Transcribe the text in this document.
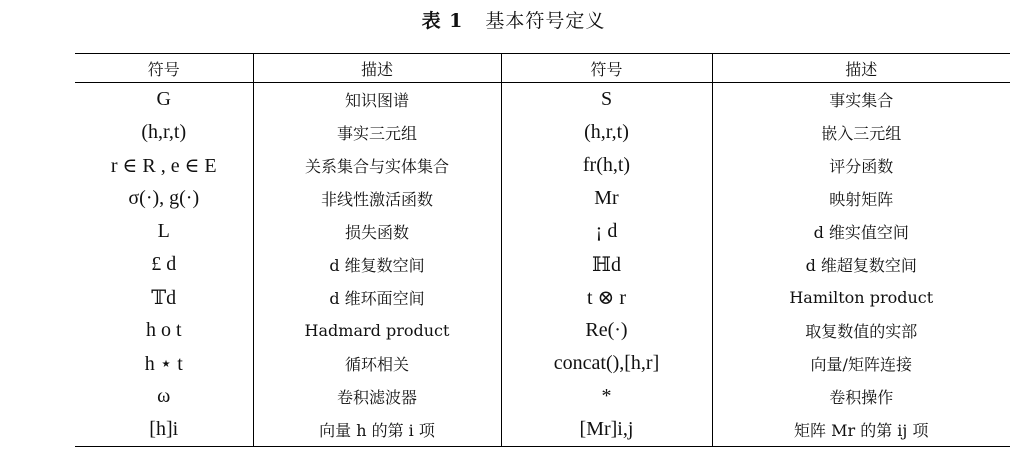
表 1 基本符号定义
符号	描述	符号	描述
G	知识图谱	S	事实集合
(h,r,t)	事实三元组	(h,r,t)	嵌入三元组
r ∈ R , e ∈ E	关系集合与实体集合	fr(h,t)	评分函数
σ(·), g(·)	非线性激活函数	Mr	映射矩阵
L	损失函数	¡ d	d 维实值空间
£ d	d 维复数空间	ℍd	d 维超复数空间
𝕋d	d 维环面空间	t ⊗ r	Hamilton product
h o t	Hadmard product	Re(·)	取复数值的实部
h ⋆ t	循环相关	concat(),[h,r]	向量/矩阵连接
ω	卷积滤波器	*	卷积操作
[h]i	向量 h 的第 i 项	[Mr]i,j	矩阵 Mr 的第 ij 项
